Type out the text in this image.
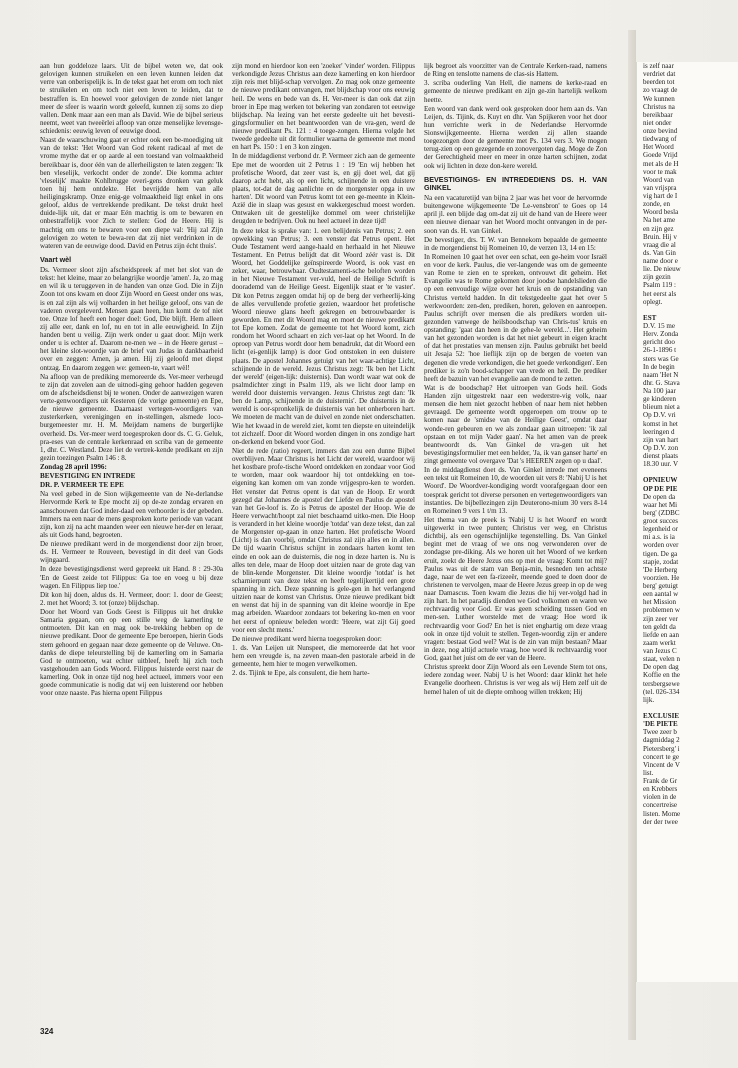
aan hun goddeloze laars. Uit de bijbel weten we, dat ook gelovigen kunnen struikelen en een leven kunnen leiden dat verre van onberispelijk is. In de tekst gaat het erom om toch niet te struikelen en om toch niet een leven te leiden, dat te bestraffen is. En hoewel voor gelovigen de zonde niet langer meer de sfeer is waarin wordt geleefd, kunnen zij soms zo diep vallen. Denk maar aan een man als David. Wie de bijbel serieus neemt, weet van tweeërlei afloop van onze menselijke levensge-schiedenis: eeuwig leven of eeuwige dood.

Naast de waarschuwing gaat er echter ook een be-moediging uit van de tekst: 'Het Woord van God rekent radicaal af met de vrome mythe dat er op aarde al een toestand van volmaaktheid bereikbaar is, door één van de allerheiligsten te laten zeggen: 'Ik ben vleselijk, verkocht onder de zonde'. Die komma achter 'vleselijk' maakte Kohlbrugge overi-gens dronken van geluk toen hij hem ontdekte. Het bevrijdde hem van alle heiligingskramp. Onze enig-ge volmaaktheid ligt enkel in ons geloof, aldus de vertrekkende predikant. De tekst drukt heel duide-lijk uit, dat er maar Eén machtig is om te bewaren en onbestraffelijk voor Zich te stellen: God de Heere. Hij is machtig om ons te bewaren voor een diepe val: 'Hij zal Zijn gelovigen zo weten te bewa-ren dat zij niet verdrinken in de wateren van de eeuwige dood. David en Petrus zijn écht thuis'.

Vaart wèl

Ds. Vermeer sloot zijn afscheidspreek af met het slot van de tekst: het kleine, maar zo belangrijke woordje 'amen'. Ja, zo mag en wil ik u teruggeven in de handen van onze God. Die in Zijn Zoon tot ons kwam en door Zijn Woord en Geest onder ons was, is en zal zijn als wij volharden in het heilige geloof, ons van de vaderen overgeleverd. Mensen gaan heen, hun komt de tof niet toe. Onze lof heeft een hoger doel: God, Die blijft. Hem alleen zij alle eer, dank en lof, nu en tot in alle eeuwigheid. In Zijn handen bent u veilig. Zijn werk onder u gaat door. Mijn werk onder u is echter af. Daarom ne-men we – in de Heere gerust – het kleine slot-woordje van de brief van Judas in dankbaarheid over en zeggen: Amen, ja amen. Hij zij geloofd met diepst ontzag. En daarom zeggen we: gemeen-te, vaart wèl!

Na afloop van de prediking memoreerde ds. Ver-meer verheugd te zijn dat zovelen aan de uitnodi-ging gehoor hadden gegeven om de afscheidsdienst bij te wonen. Onder de aanwezigen waren verte-genwoordigers uit Kesteren (de vorige gemeente) en Epe, de nieuwe gemeente. Daarnaast vertegen-woordigers van zusterkerken, verenigingen en in-stellingen, alsmede loco-burgemeester mr. H. M. Meijdam namens de burgerlijke overheid. Ds. Ver-meer werd toegesproken door ds. C. G. Geluk, pra-eses van de centrale kerkenraad en scriba van de gemeente 1, dhr. C. Westland. Deze liet de vertrek-kende predikant en zijn gezin toezingen Psalm 146 : 8.

Zondag 28 april 1996:

BEVESTIGING EN INTREDE

DR. P. VERMEER TE EPE

Na veel gebed in de Sion wijkgemeente van de Ne-derlandse Hervormde Kerk te Epe mocht zij op de-ze zondag ervaren en aanschouwen dat God inder-daad een verhoorder is der gebeden. Immers na een naar de mens gesproken korte periode van vacant zijn, kon zij na acht maanden weer een nieuwe her-der en leraar, als uit Gods hand, begroeten.

De nieuwe predikant werd in de morgendienst door zijn broer, ds. H. Vermeer te Rouveen, bevestigd in dit deel van Gods wijngaard.

In deze bevestigingsdienst werd gepreekt uit Hand. 8 : 29-30a 'En de Geest zeide tot Filippus: Ga toe en voeg u bij deze wagen. En Filippus liep toe.'

Dit kon hij doen, aldus ds. H. Vermeer, door: 1. door de Geest; 2. met het Woord; 3. tot (onze) blijdschap.

Door het Woord van Gods Geest is Filippus uit het drukke Samaria gegaan, om op een stille weg de kamerling te ontmoeten. Dit kan en mag ook be-trekking hebben op de nieuwe predikant. Door de gemeente Epe beroepen, hierin Gods stem gehoord en gegaan naar deze gemeente op de Veluwe. On-danks de diepe teleurstelling bij de kamerling om in Samaria God te ontmoeten, wat echter uitbleef, heeft hij zich toch vastgehouden aan Gods Woord. Filippus luisterde eerst naar de kamerling. Ook in onze tijd nog heel actueel, immers voor een goede communicatie is nodig dat wij een luisterend oor hebben voor onze naaste. Pas hierna opent Filippus

zijn mond en hierdoor kon een 'zoeker' 'vinder' worden. Filippus verkondigde Jezus Christus aan deze kamerling en kon hierdoor zijn reis met blijd-schap vervolgen. Zo mag ook onze gemeente de nieuwe predikant ontvangen, met blijdschap voor ons eeuwig heil. De wens en bede van ds. H. Ver-meer is dan ook dat zijn broer in Epe mag werken tot bekering van zondaren tot eeuwige blijdschap. Na lezing van het eerste gedeelte uit het bevesti-gingsformulier en het beantwoorden van de vra-gen, werd de nieuwe predikant Ps. 121 : 4 toege-zongen. Hierna volgde het tweede gedeelte uit dit formulier waarna de gemeente met mond en hart Ps. 150 : 1 en 3 kon zingen.

In de middagdienst verbond dr. P. Vermeer zich aan de gemeente Epe met de woorden uit 2 Petrus 1 : 19 'En wij hebben het profetische Woord, dat zeer vast is, en gij doet wel, dat gij daarop acht hebt, als op een licht, schijnende in een duistere plaats, tot-dat de dag aanlichte en de morgenster opga in uw harten'. Dit woord van Petrus komt tot een ge-meente in Klein-Azië die in slaap was gesust en wakkergeschud moest worden. Ontwaken uit de geestelijke dommel om weer christelijke deugden te bedrijven. Ook nu heel actueel in deze tijd!

In deze tekst is sprake van: 1. een belijdenis van Petrus; 2. een opwekking van Petrus; 3. een venster dat Petrus opent. Het Oude Testament werd aange-haald en herhaald in het Nieuwe Testament. En Petrus belijdt dat dit Woord zéér vast is. Dit Woord, het Goddelijke geïnspireerde Woord, is ook vast en zeker, waar, betrouwbaar. Oudtestamenti-sche beloften worden in het Nieuwe Testament ver-vuld, heel de Heilige Schrift is doorademd van de Heilige Geest. Eigenlijk staat er 'te vaster'. Dit kon Petrus zeggen omdat hij op de berg der verheerlij-king de alles vervullende profetie gezien, waardoor het profetische Woord nieuwe glans heeft gekregen en betrouwbaarder is geworden. En met dit Woord mag en moet de nieuwe predikant tot Epe komen. Zodat de gemeente tot het Woord komt, zich rondom het Woord schaart en zich ver-laat op het Woord. In de oproep van Petrus wordt door hem benadrukt, dat dit Woord een licht (ei-genlijk lamp) is door God ontstoken in een duistere plaats. De apostel Johannes getuigt van het waar-achtige Licht, schijnende in de wereld. Jezus Christus zegt: 'Ik ben het Licht der wereld' (eigen-lijk: duisternis). Dan wordt waar wat ook de psalmdichter zingt in Psalm 119, als we licht door lamp en wereld door duisternis vervangen. Jezus Christus zegt dan: 'Ik ben de Lamp, schijnende in de duisternis'. De duisternis in de wereld is oor-spronkelijk de duisternis van het onherboren hart. We moeten de macht van de duivel en zonde niet onderschatten. Wie het kwaad in de wereld ziet, komt ten diepste en uiteindelijk tot zichzelf. Door dit Woord worden dingen in ons zondige hart on-derkend en bekend voor God.

Niet de rede (ratio) regeert, immers dan zou een dunne Bijbel overblijven. Maar Christus is het Licht der wereld, waardoor wij het kostbare profe-tische Woord ontdekken en zondaar voor God te worden, maar ook waardoor hij tot ontdekking en toe-eigening kan komen om van zonde vrijgespro-ken te worden. Het venster dat Petrus opent is dat van de Hoop. Er wordt gezegd dat Johannes de apostel der Liefde en Paulus de apostel van het Ge-loof is. Zo is Petrus de apostel der Hoop. Wie de Heere verwacht/hoopt zal niet beschaamd uitko-men. Die Hoop is veranderd in het kleine woordje 'totdat' van deze tekst, dan zal de Morgenster op-gaan in onze harten. Het profetische Woord (Licht) is dan voorbij, omdat Christus zal zijn alles en in allen. De tijd waarin Christus schijnt in zondaars harten komt ten einde en ook aan de duisternis, die nog in deze harten is. Nu is alles ten dele, maar de Hoop doet uitzien naar de grote dag van de blin-kende Morgenster. Dit kleine woordje 'totdat' is het scharnierpunt van deze tekst en heeft tegelijkertijd een grote spanning in zich. Deze spanning is gele-gen in het verlangend uitzien naar de komst van Christus. Onze nieuwe predikant bidt en wenst dat hij in de spanning van dit kleine woordje in Epe mag arbeiden. Waardoor zondaars tot bekering ko-men en voor het eerst of opnieuw beleden wordt: 'Heere, wat zijt Gij goed voor een slecht mens.'

De nieuwe predikant werd hierna toegesproken door:

1. ds. Van Leijen uit Nunspeet, die memoreerde dat het voor hem een vreugde is, na zeven maan-den pastorale arbeid in de gemeente, hem hier te mogen verwelkomen.

2. ds. Tijink te Epe, als consulent, die hem harte-

lijk begroet als voorzitter van de Centrale Kerken-raad, namens de Ring en tenslotte namens de clas-sis Hattem.

3. scriba ouderling Van Hell, die namens de kerke-raad en gemeente de nieuwe predikant en zijn ge-zin hartelijk welkom heette.

Een woord van dank werd ook gesproken door hem aan ds. Van Leijen, ds. Tijink, ds. Kuyt en dhr. Van Spijkeren voor het door hun verrichte werk in de Nederlandse Hervormde Sionswijkgemeente. Hierna werden zij allen staande toegezongen door de gemeente met Ps. 134 vers 3. We mogen terug-zien op een gezegende en zonovergoten dag. Moge de Zon der Gerechtigheid meer en meer in onze harten schijnen, zodat ook wij lichten in deze don-kere wereld.

BEVESTIGINGS- EN INTREDEDIENS DS. H. VAN GINKEL

Na een vacaturetijd van bijna 2 jaar was het voor de hervormde buitengewone wijkgemeente 'De Le-vensbron' te Goes op 14 april jl. een blijde dag om-dat zij uit de hand van de Heere weer een nieuwe dienaar van het Woord mocht ontvangen in de per-soon van ds. H. van Ginkel.

De bevestiger, drs. T. W. van Bennekom bepaalde de gemeente in de morgendienst bij Romeinen 10, de verzen 13, 14 en 15:

In Romeinen 10 gaat het over een schat, een ge-heim voor Israël en voor de kerk. Paulus, die ver-langende was om de gemeente van Rome te zien en te spreken, ontvouwt dit geheim. Het Evangelie was te Rome gekomen door joodse handelslieden die op een eenvoudige wijze over het kruis en de opstanding van Christus verteld hadden. In dit tekstgedeelte gaat het over 5 werkwoorden: zen-den, prediken, horen, geloven en aanroepen. Paulus schrijft over mensen die als predikers worden uit-gezonden vanwege de heilsboodschap van Chris-tus' kruis en opstanding: 'gaat dan heen in de gehe-le wereld...'. Het geheim van het gezonden worden is dat het niet gebeurt in eigen kracht of dat het prestaties van mensen zijn. Paulus gebruikt het beeld uit Jesaja 52: 'hoe lieflijk zijn op de bergen de voeten van degenen die vrede verkondigen, die het goede verkondigen'. Een prediker is zo'n bood-schapper van vrede en heil. De prediker heeft de bazuin van het evangelie aan de mond te zetten.

Wat is de boodschap? Het uitroepen van Gods heil. Gods Handen zijn uitgestrekt naar een wederstre-vig volk, naar mensen die hem niet gezocht hebben of naar hem niet hebben gevraagd. De gemeente wordt opgeroepen om trouw op te komen naar de 'smidse van de Heilige Geest', omdat daar wonde-ren gebeuren en we als zondaar gaan uitroepen: 'ik zal opstaan en tot mijn Vader gaan'. Na het amen van de preek beantwoordt ds. Van Ginkel de vra-gen uit het bevestigingsformulier met een helder, 'Ja, ik van ganser harte' en zingt gemeente vol overgave 'Dat 's HEEREN zegen op u daal'.

In de middagdienst doet ds. Van Ginkel intrede met eveneens een tekst uit Romeinen 10, de woorden uit vers 8: 'Nabij U is het Woord'. De Woordver-kondiging wordt voorafgegaan door een toesprak gericht tot diverse personen en vertegenwoordigers van instanties. De bijbellezingen zijn Deuterono-mium 30 vers 8-14 en Romeinen 9 vers 1 t/m 13.

Het thema van de preek is 'Nabij U is het Woord' en wordt uitgewerkt in twee punten; Christus ver weg, en Christus dichtbij, als een ogenschijnlijke tegenstelling. Ds. Van Ginkel begint met de vraag of we ons nog verwonderen over de zondagse pre-diking. Als we horen uit het Woord of we kerken eruit, zoekt de Heere Jezus ons op met de vraag: Komt tot mij? Paulus was uit de stam van Benja-min, besneden ten achtste dage, naar de wet een fa-rizeeër, meende goed te doen door de christenen te vervolgen, maar de Heere Jezus greep in op de weg naar Damascus. Toen kwam die Jezus die hij ver-volgd had in zijn hart. In het paradijs dienden we God volkomen en waren we rechtvaardig voor God. Er was geen scheiding tussen God en men-sen. Luther worstelde met de vraag: Hoe word ik rechtvaardig voor God? En het is niet enghartig om deze vraag ook in onze tijd voluit te stellen. Tegen-woordig zijn er andere vragen: bestaat God wel? Wat is de zin van mijn bestaan? Maar in deze, nog altijd actuele vraag, hoe word ik rechtvaardig voor God, gaat het juist om de eer van de Heere.

Christus spreekt door Zijn Woord als een Levende Stem tot ons, iedere zondag weer. Nabij U is het Woord: daar klinkt het hele Evangelie doorheen. Christus is ver weg als wij Hem zelf uit de hemel halen of uit de diepte omhoog willen trekken; Hij

is zelf naar

verdriet dat

beerden tot

zo vraagt de

We kunnen

Christus na

bereikbaar

niet onder

onze bevind

tiedwang of

Het Woord

Goede Vrijd

met als de H

voor te mak

Woord van

van vrijspra

vig hart de I

zonde, en

Woord besla

Na het ame

en zijn gez

Bruin. Hij v

vraag die al

ds. Van Gin

name door e

lie. De nieuw

zijn gezin

Psalm 119 :

het eerst als

oplegt.

EST

D.V. 15 me

Herv. Zonda

gericht doo

26-1-1896 t

sters was Ge

In de begin

naam 'Het N

dhr. G. Stava

Na 100 jaar

ge kinderen

blieum niet a

Op D.V. vri

komst in het

leeringen d

zijn van hart

Op D.V. zon

dienst plaats

18.30 uur. V

OPNIEUW

OP DE PIE

De open da

waar het Mi

berg' (ZDBC

groot succes

legenheid or

mi a.s. is ia

worden over

tigen. De ga

stapje, zodat

'De Herberg

voorzien. He

berg' getuigt

een aantal w

het Mission

problemen w

zijn zeer ver

ten geldt da

liefde en aan

zaam werkt

van Jezus C

staat, velen n

De open dag

Koffie en the

tersbergsewe

(tel. 026-334

lijk.

EXCLUSIE

'DE PIETE

Twee zeer b

dagmiddag 2

Pietersberg' i

concert te ge

Vincent de V

list.

Frank de Gr

en Krebbers

violen in de

concertreise

listen. Mome

der der twee

324
